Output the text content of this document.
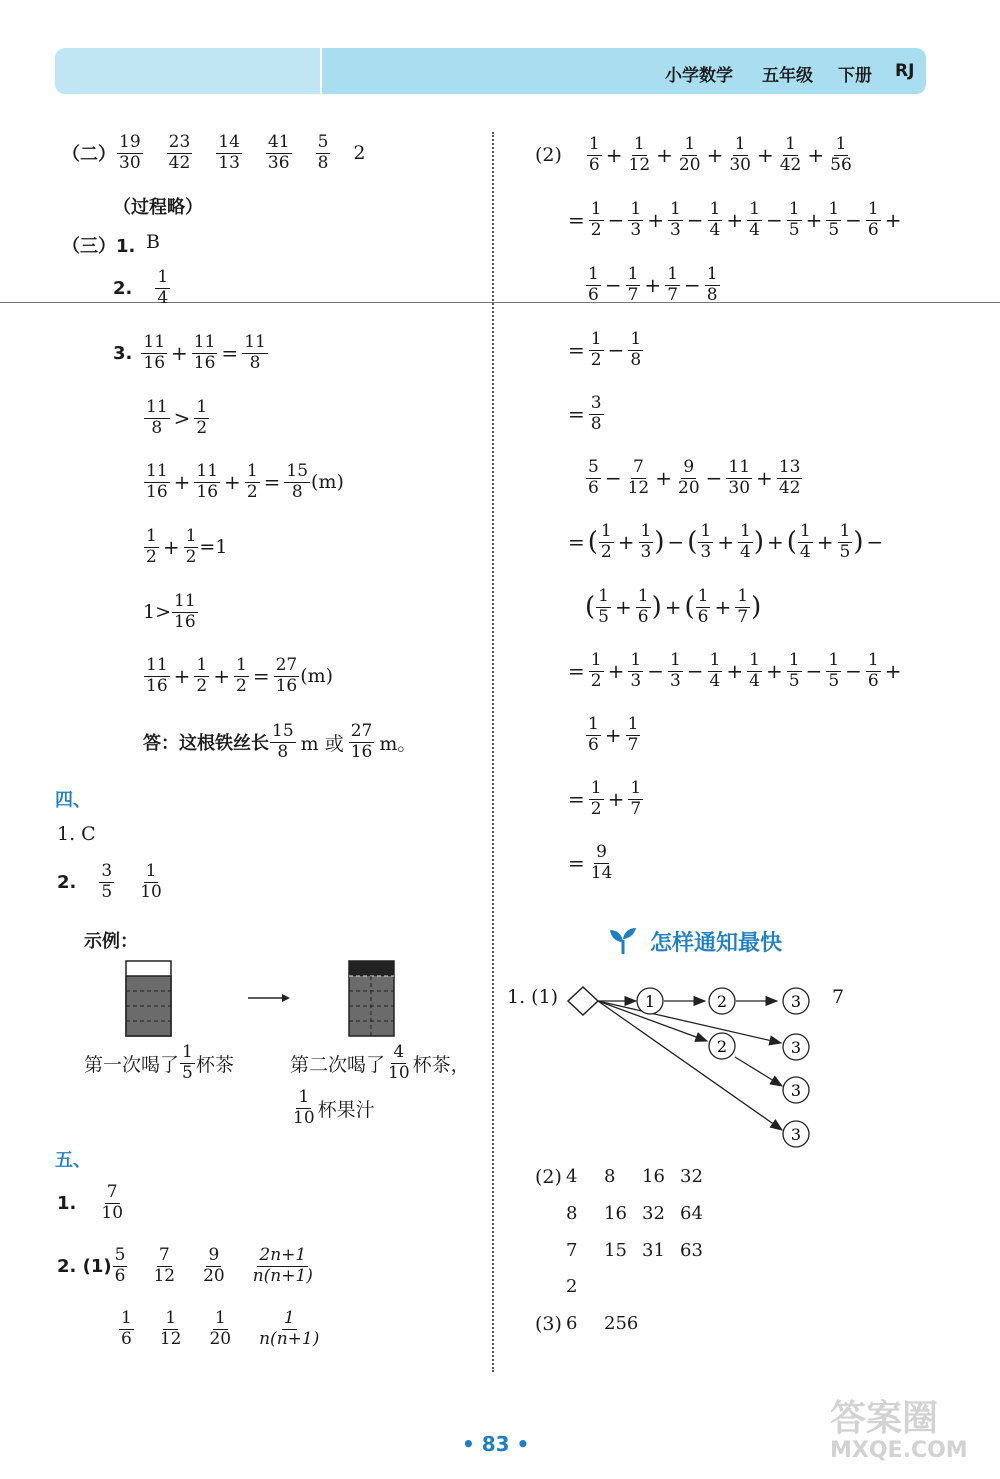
小学数学 五年级 下册 RJ
（二） $\frac{19}{30} \frac{23}{42} \frac{14}{13} \frac{41}{36} \frac{5}{8} 2$
（过程略）
（三）1. B
2. $\frac{1}{4}$
3. $\frac{11}{16} + \frac{11}{16} = \frac{11}{8}$
$\frac{11}{8} > \frac{1}{2}$
$\frac{11}{16} + \frac{11}{16} + \frac{1}{2} = \frac{15}{8} (m)$
$\frac{1}{2} + \frac{1}{2} =1$
$1> \frac{11}{16}$
$\frac{11}{16} + \frac{1}{2} + \frac{1}{2} = \frac{27}{16} (m)$
答：这根铁丝长 $\frac{15}{8}$ m 或 $\frac{27}{16}$ m。
四、
1. C
2. $\frac{3}{5} \frac{1}{10}$
示例：
第一次喝了 $\frac{1}{5}$ 杯茶	第二次喝了 $\frac{4}{10}$ 杯茶，
$\frac{1}{10}$ 杯果汁
五、
1. $\frac{7}{10}$
2. $(1) \frac{5}{6} \frac{7}{12} \frac{9}{20} \frac{2n+1}{n(n+1)}$
$\frac{1}{6} \frac{1}{12} \frac{1}{20} \frac{1}{n(n+1)}$
$(2) \frac{1}{6} + \frac{1}{12} + \frac{1}{20} + \frac{1}{30} + \frac{1}{42} + \frac{1}{56}$
= $\frac{1}{2} - \frac{1}{3} + \frac{1}{3} - \frac{1}{4} + \frac{1}{4} - \frac{1}{5} + \frac{1}{5} - \frac{1}{6}$ +
$\frac{1}{6} - \frac{1}{7} + \frac{1}{7} - \frac{1}{8}$
= $\frac{1}{2} - \frac{1}{8}$
= $\frac{3}{8}$
$\frac{5}{6} - \frac{7}{12} + \frac{9}{20} - \frac{11}{30} + \frac{13}{42}$
= ( $\frac{1}{2} + \frac{1}{3}$ ) − ( $\frac{1}{3} + \frac{1}{4}$ ) + ( $\frac{1}{4} + \frac{1}{5}$ ) −
( $\frac{1}{5} + \frac{1}{6}$ ) + ( $\frac{1}{6} + \frac{1}{7}$ )
= $\frac{1}{2} + \frac{1}{3} - \frac{1}{3} - \frac{1}{4} + \frac{1}{4} + \frac{1}{5} - \frac{1}{5} - \frac{1}{6}$ +
$\frac{1}{6} + \frac{1}{7}$
= $\frac{1}{2} + \frac{1}{7}$
= $\frac{9}{14}$
怎样通知最快
1. (1)	7
1	2	3
2	3
3
3
(2) 4 8 16 32
8 16 32 64
7 15 31 63
2
(3) 6 256
• 83 •
答案圈
MXQE.COM
